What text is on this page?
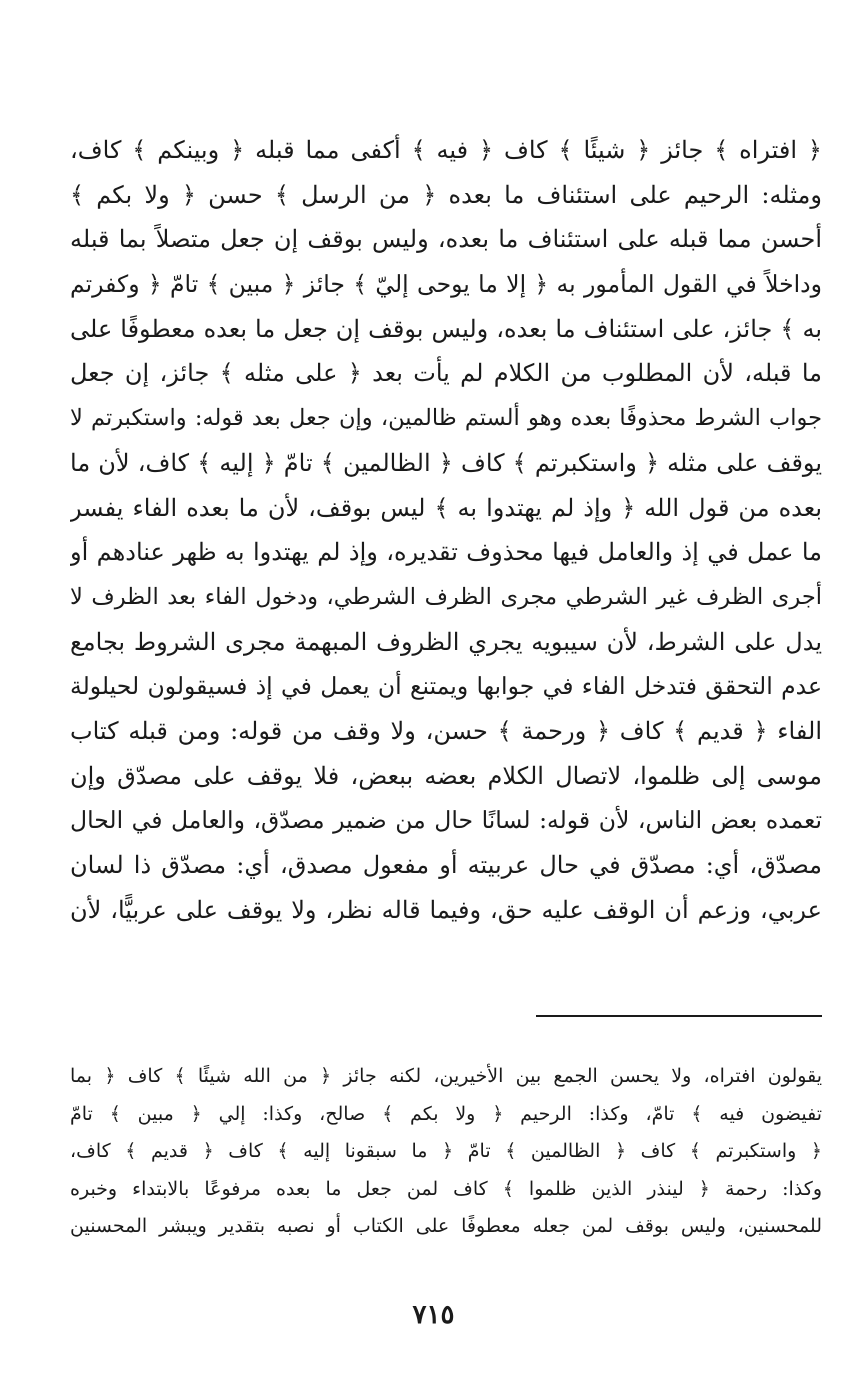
﴿ افتراه ﴾ جائز ﴿ شيئًا ﴾ كاف ﴿ فيه ﴾ أكفى مما قبله ﴿ وبينكم ﴾ كاف،
ومثله: الرحيم على استئناف ما بعده ﴿ من الرسل ﴾ حسن ﴿ ولا بكم ﴾
أحسن مما قبله على استئناف ما بعده، وليس بوقف إن جعل متصلاً بما قبله
وداخلاً في القول المأمور به ﴿ إلا ما يوحى إليّ ﴾ جائز ﴿ مبين ﴾ تامّ ﴿ وكفرتم
به ﴾ جائز، على استئناف ما بعده، وليس بوقف إن جعل ما بعده معطوفًا على
ما قبله، لأن المطلوب من الكلام لم يأت بعد ﴿ على مثله ﴾ جائز، إن جعل
جواب الشرط محذوفًا بعده وهو ألستم ظالمين، وإن جعل بعد قوله: واستكبرتم لا
يوقف على مثله ﴿ واستكبرتم ﴾ كاف ﴿ الظالمين ﴾ تامّ ﴿ إليه ﴾ كاف، لأن ما
بعده من قول الله ﴿ وإذ لم يهتدوا به ﴾ ليس بوقف، لأن ما بعده الفاء يفسر
ما عمل في إذ والعامل فيها محذوف تقديره، وإذ لم يهتدوا به ظهر عنادهم أو
أجرى الظرف غير الشرطي مجرى الظرف الشرطي، ودخول الفاء بعد الظرف لا
يدل على الشرط، لأن سيبويه يجري الظروف المبهمة مجرى الشروط بجامع
عدم التحقق فتدخل الفاء في جوابها ويمتنع أن يعمل في إذ فسيقولون لحيلولة
الفاء ﴿ قديم ﴾ كاف ﴿ ورحمة ﴾ حسن، ولا وقف من قوله: ومن قبله كتاب
موسى إلى ظلموا، لاتصال الكلام بعضه ببعض، فلا يوقف على مصدّق وإن
تعمده بعض الناس، لأن قوله: لسانًا حال من ضمير مصدّق، والعامل في الحال
مصدّق، أي: مصدّق في حال عربيته أو مفعول مصدق، أي: مصدّق ذا لسان
عربي، وزعم أن الوقف عليه حق، وفيما قاله نظر، ولا يوقف على عربيًّا، لأن
يقولون افتراه، ولا يحسن الجمع بين الأخيرين، لكنه جائز ﴿ من الله شيئًا ﴾ كاف ﴿ بما
تفيضون فيه ﴾ تامّ، وكذا: الرحيم ﴿ ولا بكم ﴾ صالح، وكذا: إلي ﴿ مبين ﴾ تامّ
﴿ واستكبرتم ﴾ كاف ﴿ الظالمين ﴾ تامّ ﴿ ما سبقونا إليه ﴾ كاف ﴿ قديم ﴾ كاف،
وكذا: رحمة ﴿ لينذر الذين ظلموا ﴾ كاف لمن جعل ما بعده مرفوعًا بالابتداء وخبره
للمحسنين، وليس بوقف لمن جعله معطوفًا على الكتاب أو نصبه بتقدير ويبشر المحسنين
٧١٥
